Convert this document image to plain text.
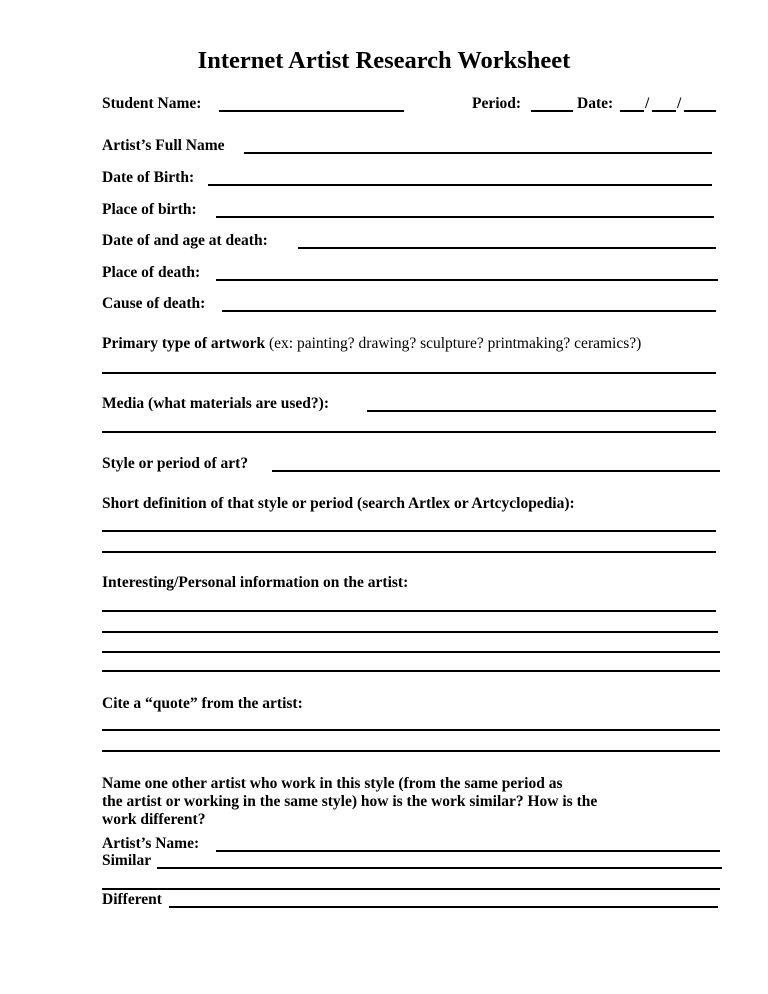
Internet Artist Research Worksheet
Student Name:	Period:	Date: / /
Artist’s Full Name
Date of Birth:
Place of birth:
Date of and age at death:
Place of death:
Cause of death:
Primary type of artwork (ex: painting? drawing? sculpture? printmaking? ceramics?)
Media (what materials are used?):
Style or period of art?
Short definition of that style or period (search Artlex or Artcyclopedia):
Interesting/Personal information on the artist:
Cite a “quote” from the artist:
Name one other artist who work in this style (from the same period as
the artist or working in the same style) how is the work similar? How is the
work different?
Artist’s Name:
Similar
Different
